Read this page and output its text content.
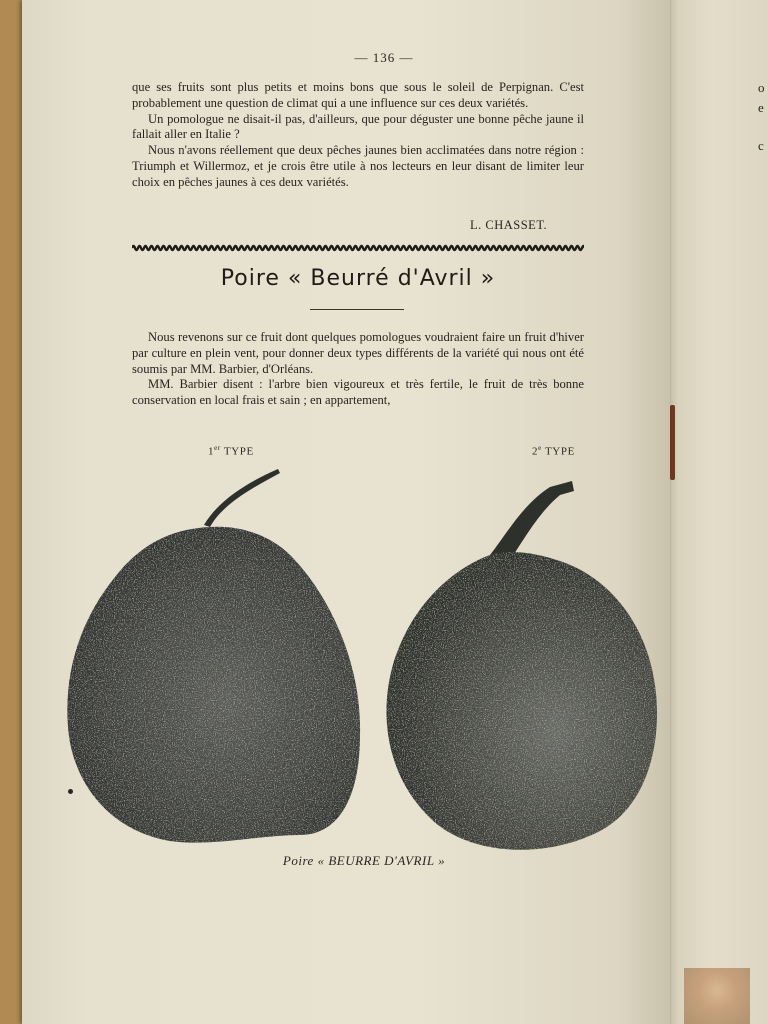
o
e
c
— 136 —

que ses fruits sont plus petits et moins bons que sous le soleil de Perpignan. C'est probablement une question de climat qui a une influence sur ces deux variétés.

Un pomologue ne disait-il pas, d'ailleurs, que pour déguster une bonne pêche jaune il fallait aller en Italie ?

Nous n'avons réellement que deux pêches jaunes bien acclimatées dans notre région : Triumph et Willermoz, et je crois être utile à nos lecteurs en leur disant de limiter leur choix en pêches jaunes à ces deux variétés.

L. CHASSET.
Poire « Beurré d'Avril »

Nous revenons sur ce fruit dont quelques pomologues voudraient faire un fruit d'hiver par culture en plein vent, pour donner deux types différents de la variété qui nous ont été soumis par MM. Barbier, d'Orléans.

MM. Barbier disent : l'arbre bien vigoureux et très fertile, le fruit de très bonne conservation en local frais et sain ; en appartement,

1er TYPE	2e TYPE
Poire « BEURRE D'AVRIL »
